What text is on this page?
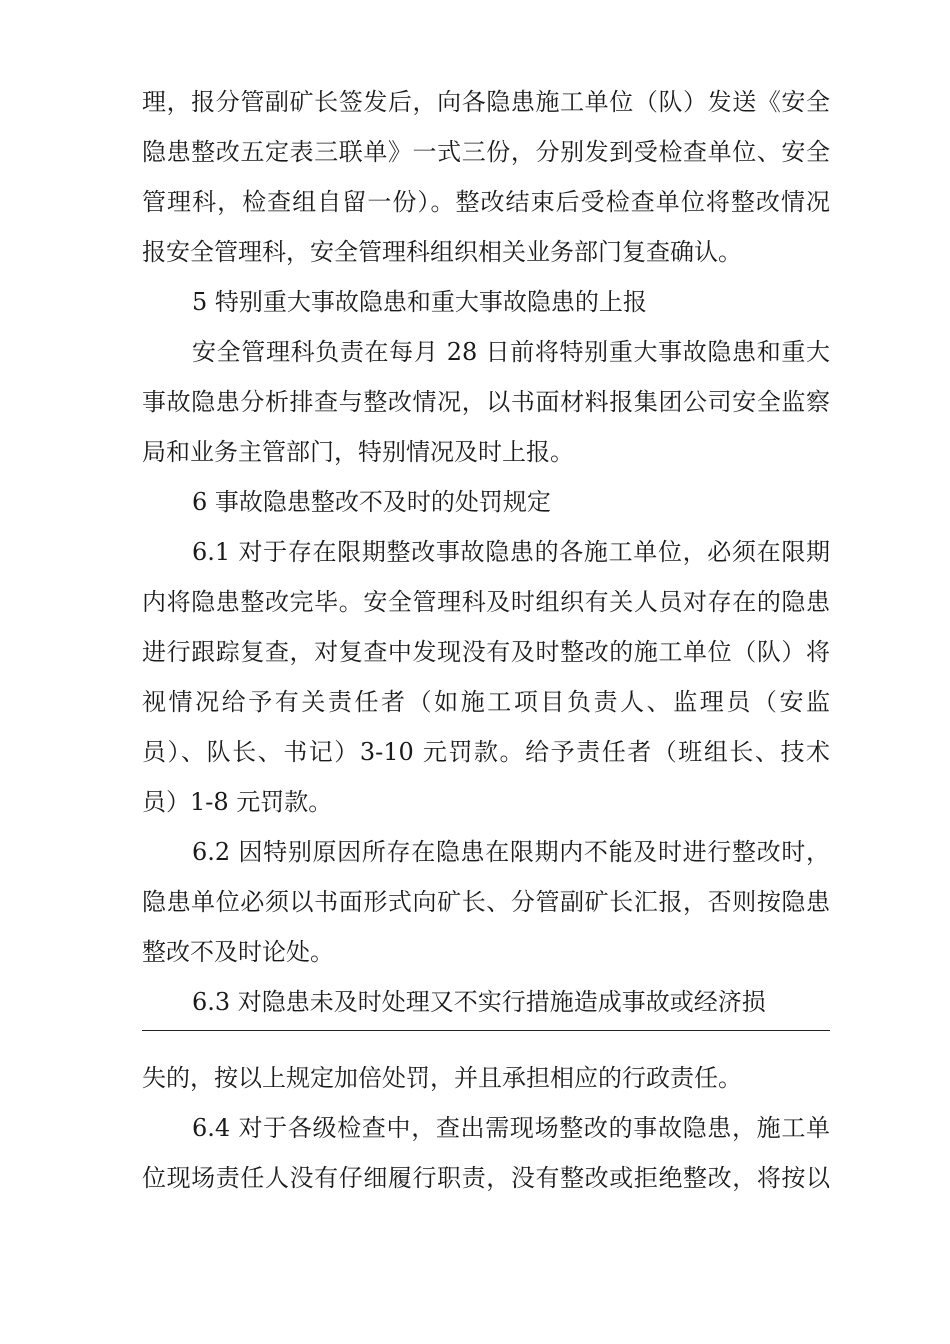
理，报分管副矿长签发后，向各隐患施工单位（队）发送《安全
隐患整改五定表三联单》一式三份，分别发到受检查单位、安全
管理科，检查组自留一份）。整改结束后受检查单位将整改情况
报安全管理科，安全管理科组织相关业务部门复查确认。
5 特别重大事故隐患和重大事故隐患的上报
安全管理科负责在每月 28 日前将特别重大事故隐患和重大
事故隐患分析排查与整改情况，以书面材料报集团公司安全监察
局和业务主管部门，特别情况及时上报。
6 事故隐患整改不及时的处罚规定
6.1 对于存在限期整改事故隐患的各施工单位，必须在限期
内将隐患整改完毕。安全管理科及时组织有关人员对存在的隐患
进行跟踪复查，对复查中发现没有及时整改的施工单位（队）将
视情况给予有关责任者（如施工项目负责人、监理员（安监
员）、队长、书记）3-10 元罚款。给予责任者（班组长、技术
员）1-8 元罚款。
6.2 因特别原因所存在隐患在限期内不能及时进行整改时，
隐患单位必须以书面形式向矿长、分管副矿长汇报，否则按隐患
整改不及时论处。
6.3 对隐患未及时处理又不实行措施造成事故或经济损
失的，按以上规定加倍处罚，并且承担相应的行政责任。
6.4 对于各级检查中，查出需现场整改的事故隐患，施工单
位现场责任人没有仔细履行职责，没有整改或拒绝整改，将按以
